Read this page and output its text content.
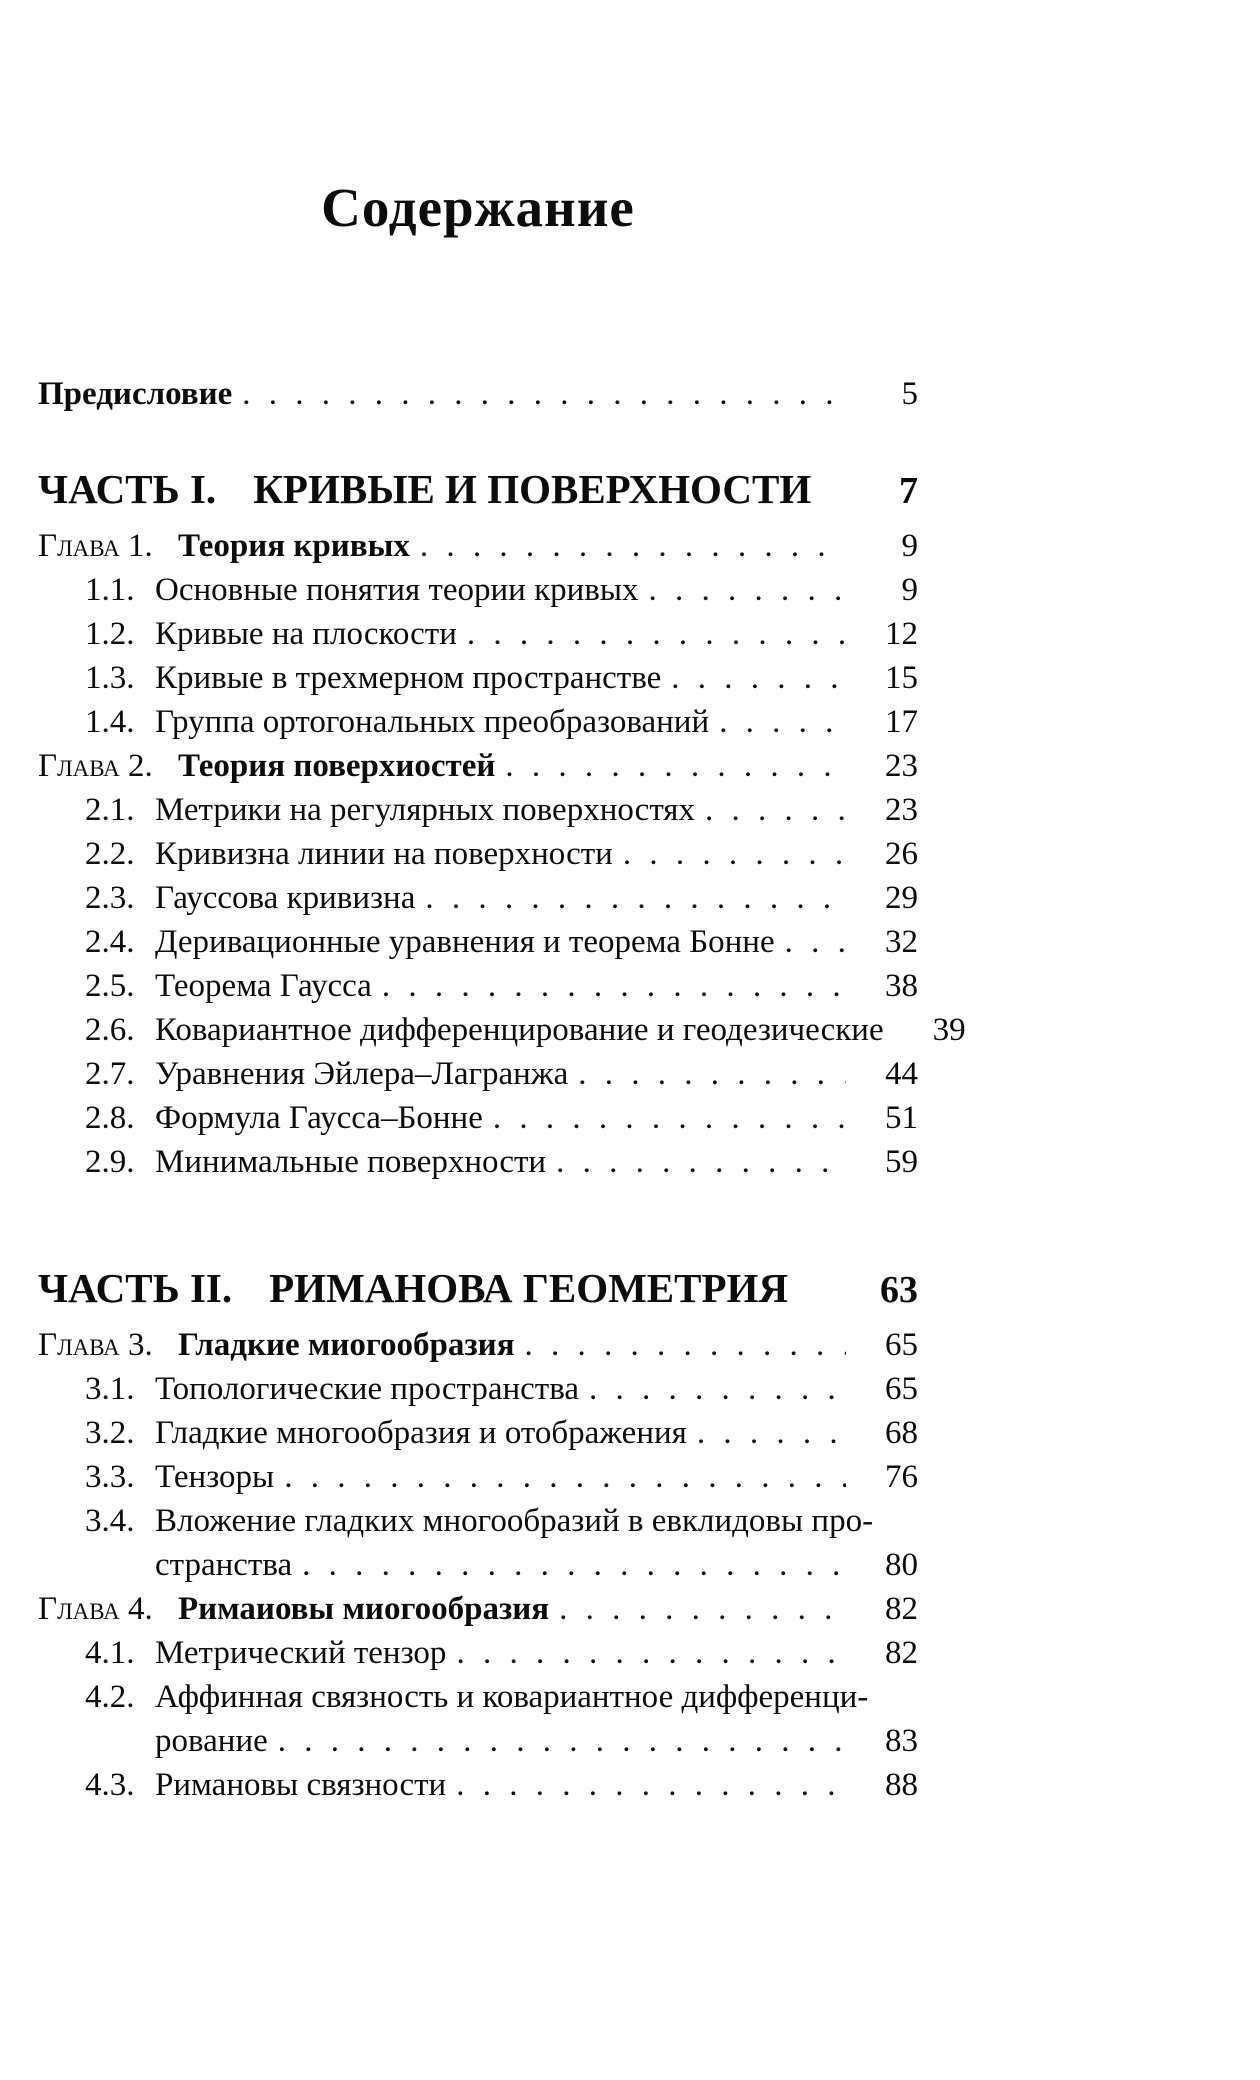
Содержание
Предисловие . . .	5
ЧАСТЬ I. КРИВЫЕ И ПОВЕРХНОСТИ	7
Глава 1. Теория кривых . . .	9
1.1. Основные понятия теории кривых . . .	9
1.2. Кривые на плоскости . . .	12
1.3. Кривые в трехмерном пространстве . . .	15
1.4. Группа ортогональных преобразований . . .	17
Глава 2. Теория поверхиостей . . .	23
2.1. Метрики на регулярных поверхностях . . .	23
2.2. Кривизна линии на поверхности . . .	26
2.3. Гауссова кривизна . . .	29
2.4. Деривационные уравнения и теорема Бонне . . .	32
2.5. Теорема Гаусса . . .	38
2.6. Ковариантное дифференцирование и геодезические	39
2.7. Уравнения Эйлера–Лагранжа . . .	44
2.8. Формула Гаусса–Бонне . . .	51
2.9. Минимальные поверхности . . .	59
ЧАСТЬ II. РИМАНОВА ГЕОМЕТРИЯ	63
Глава 3. Гладкие миогообразия . . .	65
3.1. Топологические пространства . . .	65
3.2. Гладкие многообразия и отображения . . .	68
3.3. Тензоры . . .	76
3.4. Вложение гладких многообразий в евклидовы про-
странства . . .	80
Глава 4. Римаиовы миогообразия . . .	82
4.1. Метрический тензор . . .	82
4.2. Аффинная связность и ковариантное дифференци-
рование . . .	83
4.3. Римановы связности . . .	88
